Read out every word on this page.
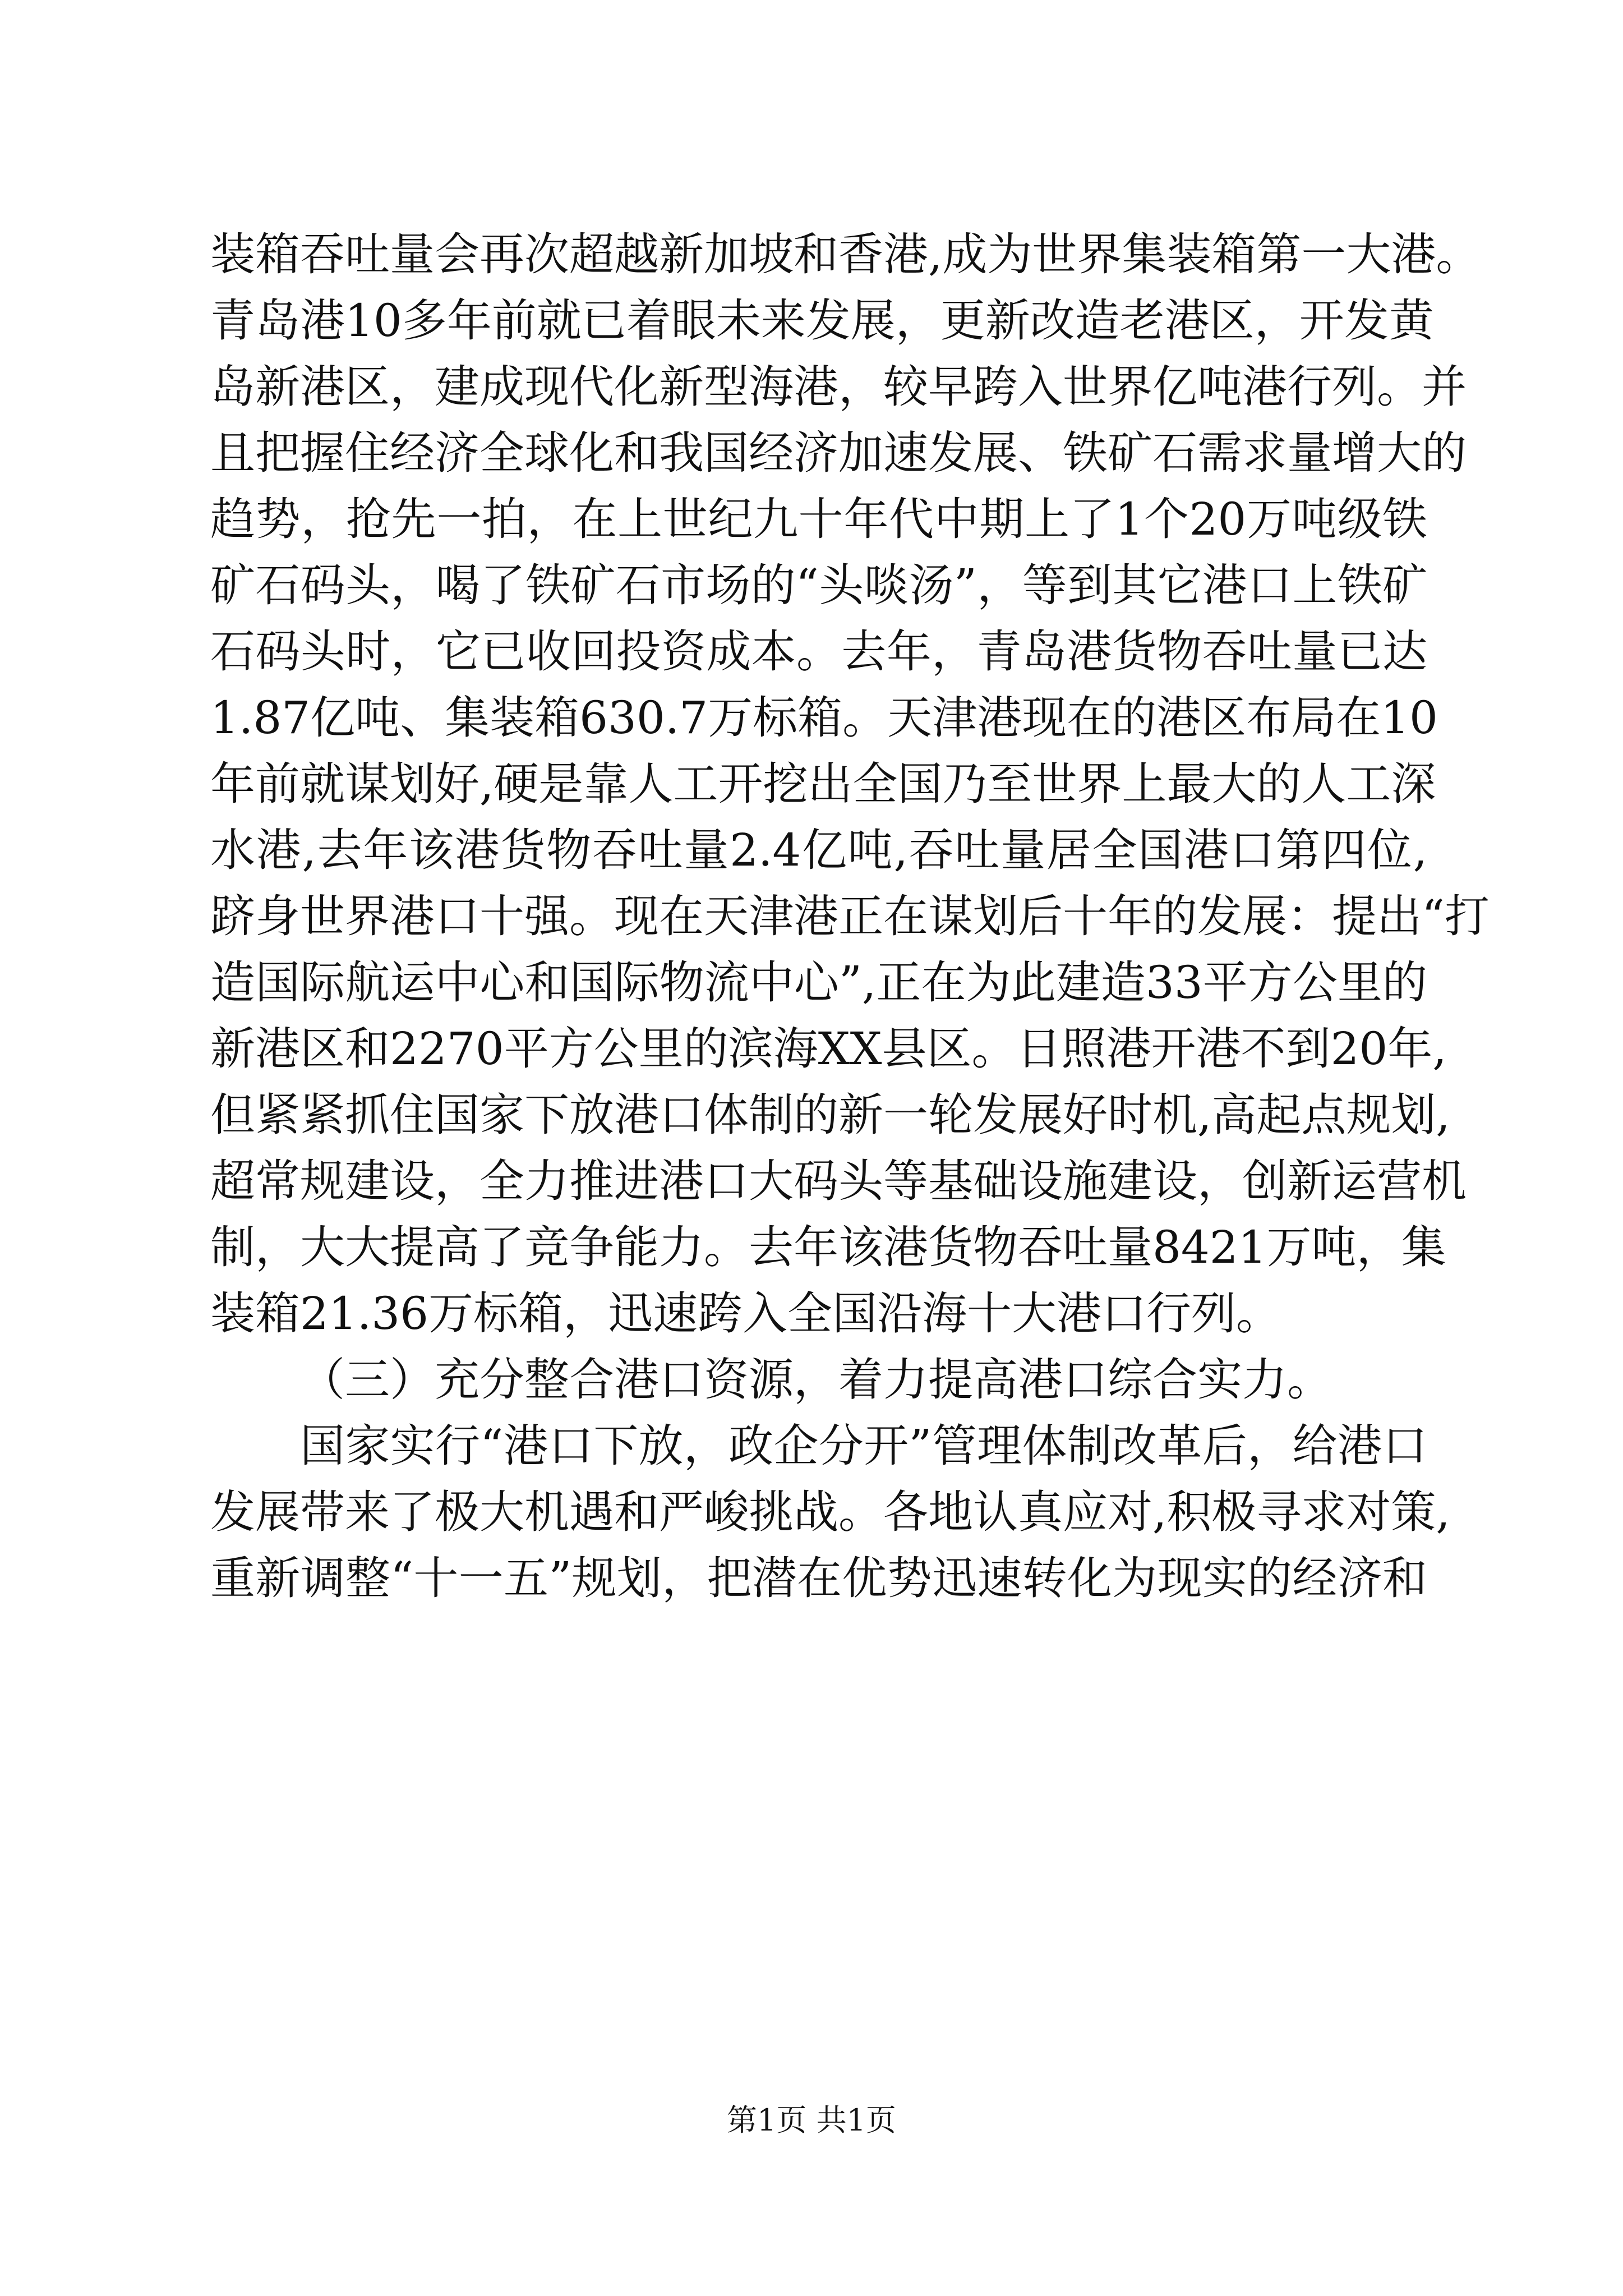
装箱吞吐量会再次超越新加坡和香港,成为世界集装箱第一大港。
青岛港10多年前就已着眼未来发展，更新改造老港区，开发黄
岛新港区，建成现代化新型海港，较早跨入世界亿吨港行列。并
且把握住经济全球化和我国经济加速发展、铁矿石需求量增大的
趋势，抢先一拍，在上世纪九十年代中期上了1个20万吨级铁
矿石码头，喝了铁矿石市场的“头啖汤”，等到其它港口上铁矿
石码头时，它已收回投资成本。去年，青岛港货物吞吐量已达
1.87亿吨、集装箱630.7万标箱。天津港现在的港区布局在10
年前就谋划好,硬是靠人工开挖出全国乃至世界上最大的人工深
水港,去年该港货物吞吐量2.4亿吨,吞吐量居全国港口第四位,
跻身世界港口十强。现在天津港正在谋划后十年的发展：提出“打
造国际航运中心和国际物流中心”,正在为此建造33平方公里的
新港区和2270平方公里的滨海XX县区。日照港开港不到20年,
但紧紧抓住国家下放港口体制的新一轮发展好时机,高起点规划,
超常规建设，全力推进港口大码头等基础设施建设，创新运营机
制，大大提高了竞争能力。去年该港货物吞吐量8421万吨，集
装箱21.36万标箱，迅速跨入全国沿海十大港口行列。
（三）充分整合港口资源，着力提高港口综合实力。
国家实行“港口下放，政企分开”管理体制改革后，给港口
发展带来了极大机遇和严峻挑战。各地认真应对,积极寻求对策,
重新调整“十一五”规划，把潜在优势迅速转化为现实的经济和
第1页 共1页
